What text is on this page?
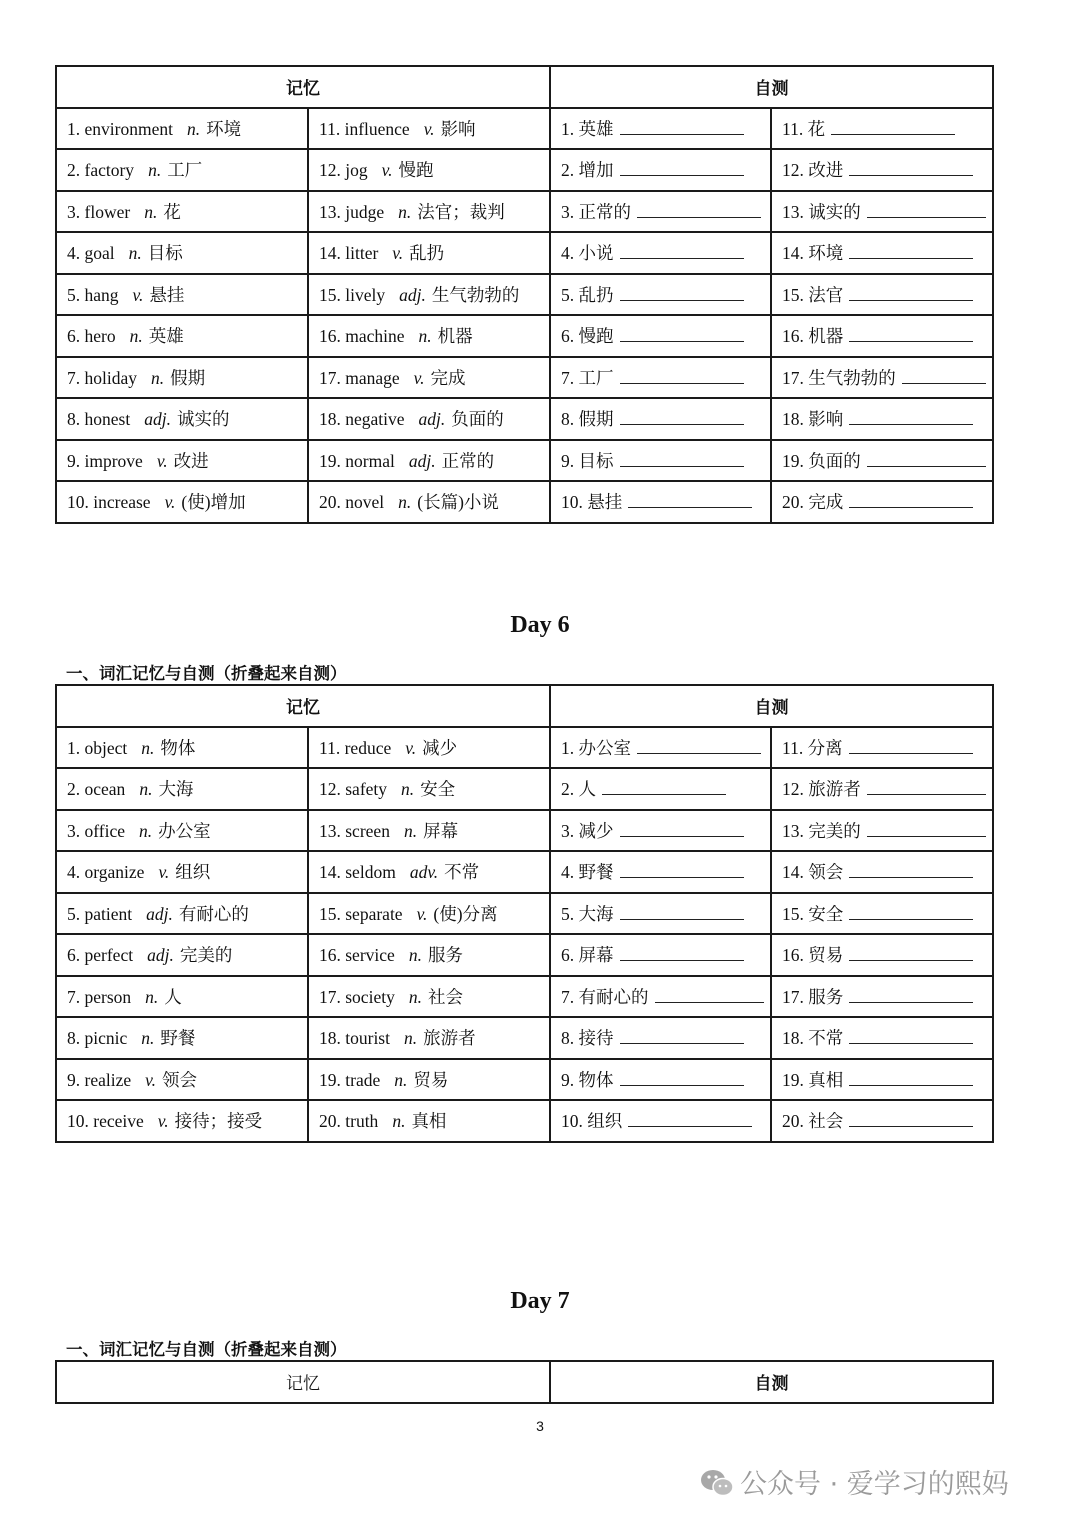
记忆		自测	
1. environment n. 环境	11. influence v. 影响	1. 英雄	11. 花
2. factory n. 工厂	12. jog v. 慢跑	2. 增加	12. 改进
3. flower n. 花	13. judge n. 法官；裁判	3. 正常的	13. 诚实的
4. goal n. 目标	14. litter v. 乱扔	4. 小说	14. 环境
5. hang v. 悬挂	15. lively adj. 生气勃勃的	5. 乱扔	15. 法官
6. hero n. 英雄	16. machine n. 机器	6. 慢跑	16. 机器
7. holiday n. 假期	17. manage v. 完成	7. 工厂	17. 生气勃勃的
8. honest adj. 诚实的	18. negative adj. 负面的	8. 假期	18. 影响
9. improve v. 改进	19. normal adj. 正常的	9. 目标	19. 负面的
10. increase v. (使)增加	20. novel n. (长篇)小说	10. 悬挂	20. 完成
Day 6
一、词汇记忆与自测（折叠起来自测）
记忆		自测	
1. object n. 物体	11. reduce v. 减少	1. 办公室	11. 分离
2. ocean n. 大海	12. safety n. 安全	2. 人	12. 旅游者
3. office n. 办公室	13. screen n. 屏幕	3. 减少	13. 完美的
4. organize v. 组织	14. seldom adv. 不常	4. 野餐	14. 领会
5. patient adj. 有耐心的	15. separate v. (使)分离	5. 大海	15. 安全
6. perfect adj. 完美的	16. service n. 服务	6. 屏幕	16. 贸易
7. person n. 人	17. society n. 社会	7. 有耐心的	17. 服务
8. picnic n. 野餐	18. tourist n. 旅游者	8. 接待	18. 不常
9. realize v. 领会	19. trade n. 贸易	9. 物体	19. 真相
10. receive v. 接待；接受	20. truth n. 真相	10. 组织	20. 社会
Day 7
一、词汇记忆与自测（折叠起来自测）
记忆	自测
3
公众号 · 爱学习的熙妈
